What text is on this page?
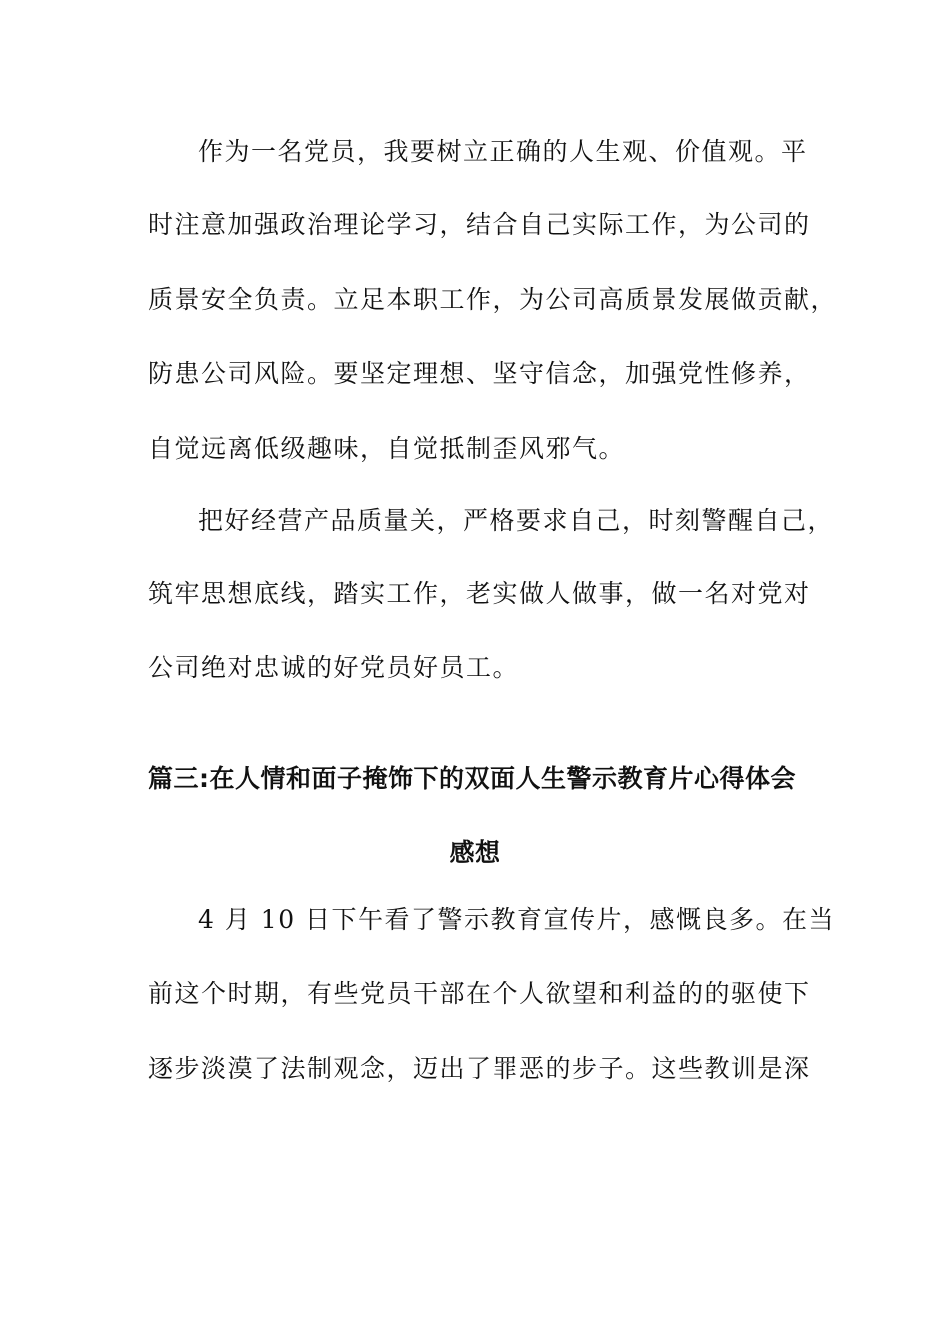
作为一名党员，我要树立正确的人生观、价值观。平

时注意加强政治理论学习，结合自己实际工作，为公司的

质景安全负责。立足本职工作，为公司高质景发展做贡献，

防患公司风险。要坚定理想、坚守信念，加强党性修养，

自觉远离低级趣味，自觉抵制歪风邪气。

把好经营产品质量关，严格要求自己，时刻警醒自己，

筑牢思想底线，踏实工作，老实做人做事，做一名对党对

公司绝对忠诚的好党员好员工。

篇三:在人情和面子掩饰下的双面人生警示教育片心得体会

感想

4 月 10 日下午看了警示教育宣传片，感慨良多。在当

前这个时期，有些党员干部在个人欲望和利益的的驱使下

逐步淡漠了法制观念，迈出了罪恶的步子。这些教训是深
